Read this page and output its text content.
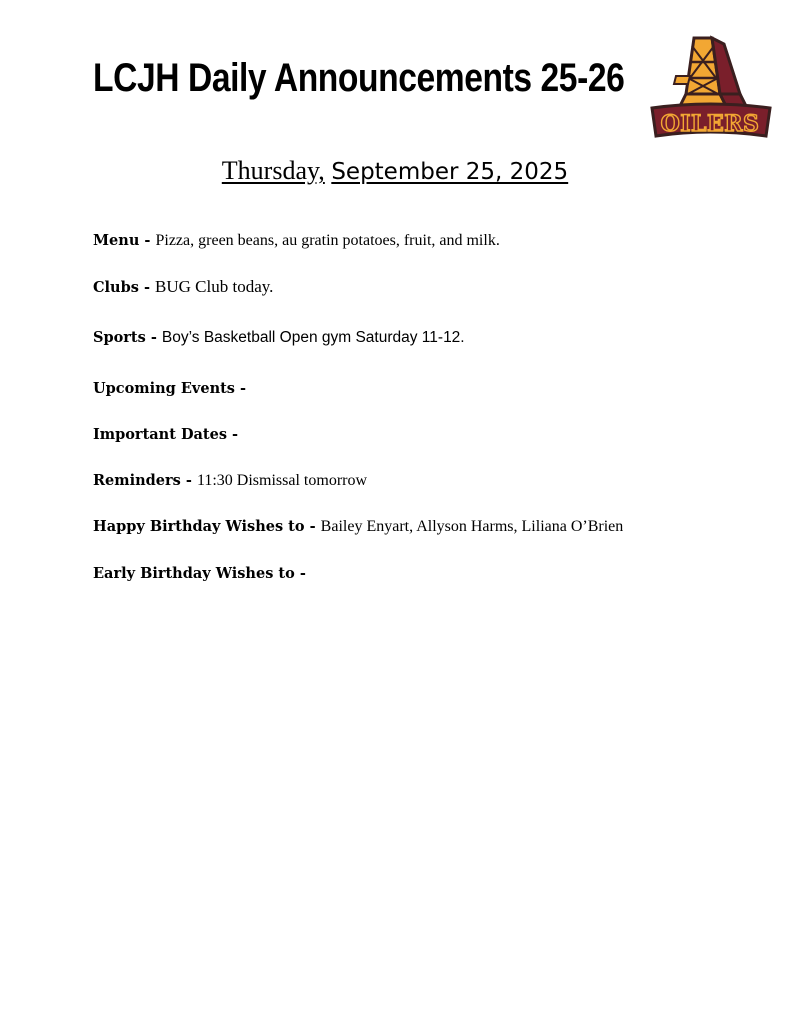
LCJH Daily Announcements 25-26
OILERS
Thursday, September 25, 2025
Menu - Pizza, green beans, au gratin potatoes, fruit, and milk.
Clubs - BUG Club today.
Sports - Boy’s Basketball Open gym Saturday 11-12.
Upcoming Events -
Important Dates -
Reminders - 11:30 Dismissal tomorrow
Happy Birthday Wishes to - Bailey Enyart, Allyson Harms, Liliana O’Brien
Early Birthday Wishes to -
